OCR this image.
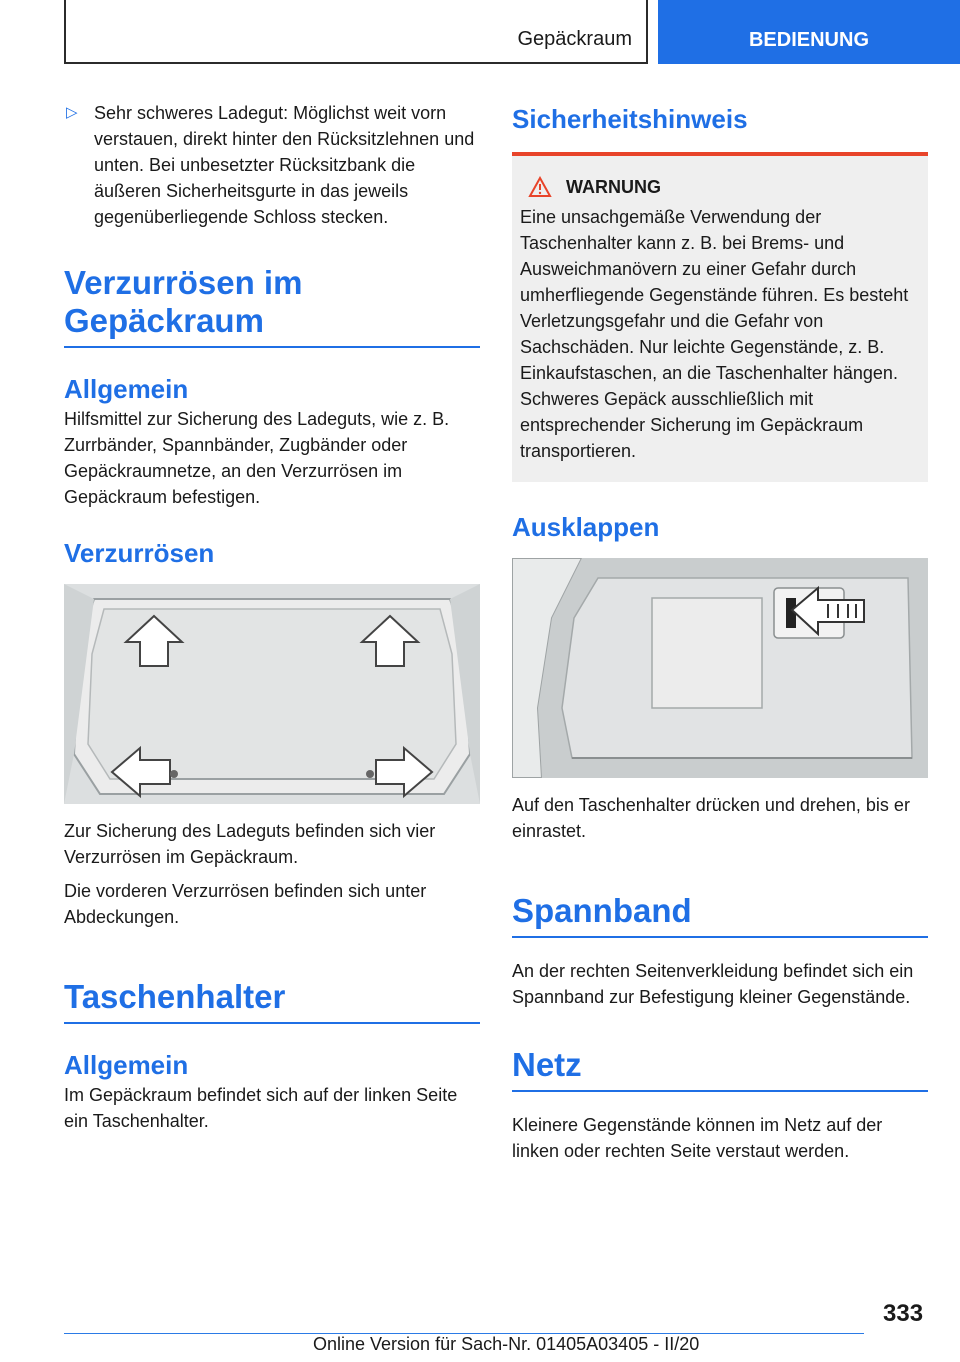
Gepäckraum	BEDIENUNG
▷ Sehr schweres Ladegut: Möglichst weit vorn verstauen, direkt hinter den Rücksitzlehnen und unten. Bei unbesetzter Rücksitzbank die äußeren Sicherheitsgurte in das jeweils gegenüberliegende Schloss stecken.
Verzurrösen im Gepäckraum
Allgemein

Hilfsmittel zur Sicherung des Ladeguts, wie z. B. Zurrbänder, Spannbänder, Zugbänder oder Gepäckraumnetze, an den Verzurrösen im Gepäckraum befestigen.

Verzurrösen

Zur Sicherung des Ladeguts befinden sich vier Verzurrösen im Gepäckraum.

Die vorderen Verzurrösen befinden sich unter Abdeckungen.

Taschenhalter
Allgemein

Im Gepäckraum befindet sich auf der linken Seite ein Taschenhalter.

Sicherheitshinweis
WARNUNG

Eine unsachgemäße Verwendung der Taschenhalter kann z. B. bei Brems- und Ausweichmanövern zu einer Gefahr durch umherfliegende Gegenstände führen. Es besteht Verletzungsgefahr und die Gefahr von Sachschäden. Nur leichte Gegenstände, z. B. Einkaufstaschen, an die Taschenhalter hängen. Schweres Gepäck ausschließlich mit entsprechender Sicherung im Gepäckraum transportieren.

Ausklappen

Auf den Taschenhalter drücken und drehen, bis er einrastet.

Spannband

An der rechten Seitenverkleidung befindet sich ein Spannband zur Befestigung kleiner Gegenstände.

Netz

Kleinere Gegenstände können im Netz auf der linken oder rechten Seite verstaut werden.

333
Online Version für Sach-Nr. 01405A03405 - II/20
